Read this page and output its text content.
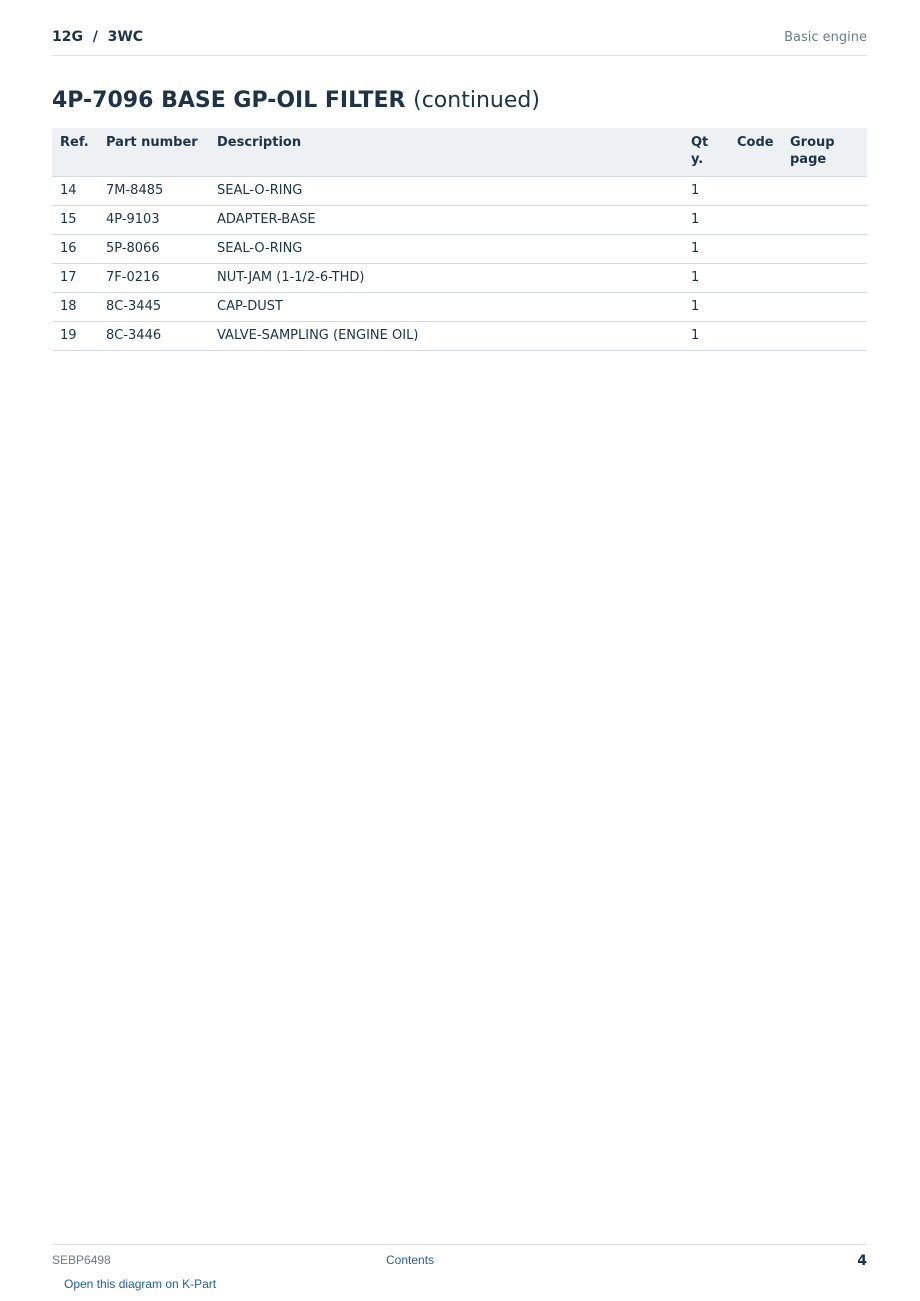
12G  /  3WC	Basic engine
4P-7096 BASE GP-OIL FILTER (continued)
Ref.	Part number	Description	Qty.	Code	Group page
14	7M-8485	SEAL-O-RING	1		
15	4P-9103	ADAPTER-BASE	1		
16	5P-8066	SEAL-O-RING	1		
17	7F-0216	NUT-JAM (1-1/2-6-THD)	1		
18	8C-3445	CAP-DUST	1		
19	8C-3446	VALVE-SAMPLING (ENGINE OIL)	1		
SEBP6498	Contents	4
Open this diagram on K-Part
